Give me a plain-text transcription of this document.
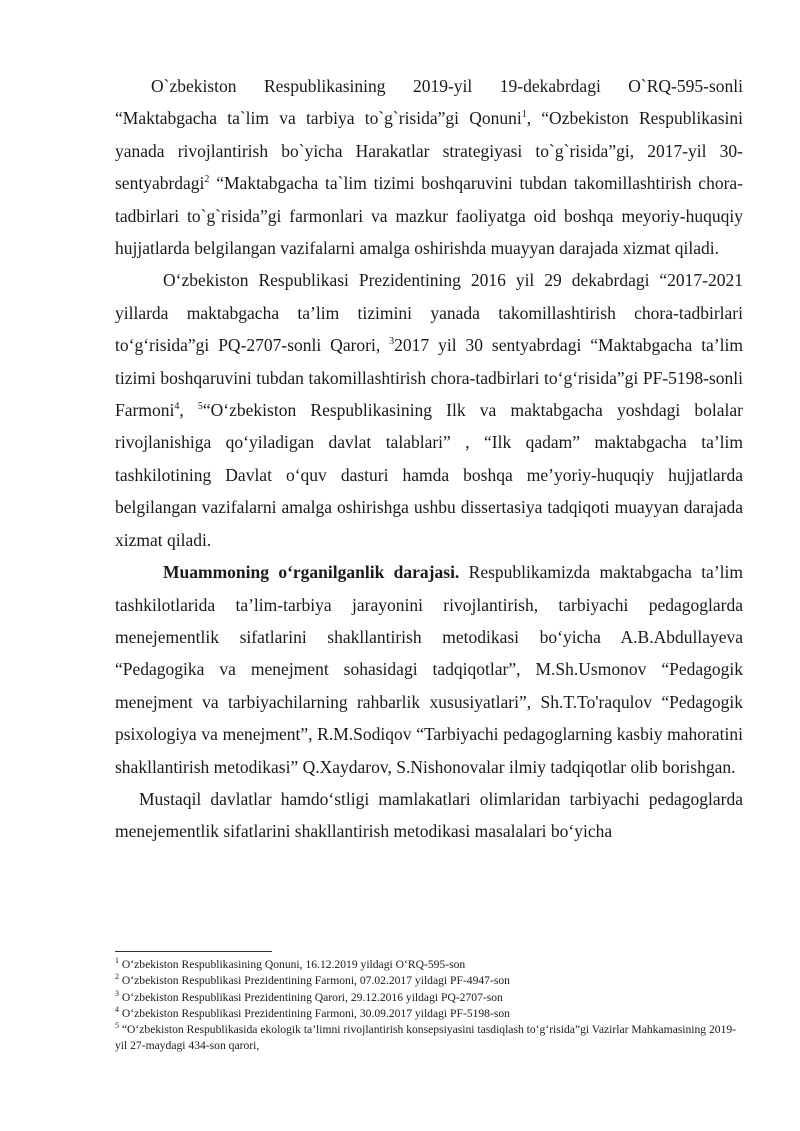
O`zbekiston Respublikasining 2019-yil 19-dekabrdagi O`RQ-595-sonli “Maktabgacha ta`lim va tarbiya to`g`risida”gi Qonuni$^1$, “Ozbekiston Respublikasini yanada rivojlantirish bo`yicha Harakatlar strategiyasi to`g`risida”gi, 2017-yil 30-sentyabrdagi$^2$ “Maktabgacha ta`lim tizimi boshqaruvini tubdan takomillashtirish chora-tadbirlari to`g`risida”gi farmonlari va mazkur faoliyatga oid boshqa meyoriy-huquqiy hujjatlarda belgilangan vazifalarni amalga oshirishda muayyan darajada xizmat qiladi.

O‘zbekiston Respublikasi Prezidentining 2016 yil 29 dekabrdagi “2017-2021 yillarda maktabgacha ta’lim tizimini yanada takomillashtirish chora-tadbirlari to‘g‘risida”gi PQ-2707-sonli Qarori, $^3$2017 yil 30 sentyabrdagi “Maktabgacha ta’lim tizimi boshqaruvini tubdan takomillashtirish chora-tadbirlari to‘g‘risida”gi PF-5198-sonli Farmoni$^4$, $^5$“O‘zbekiston Respublikasining Ilk va maktabgacha yoshdagi bolalar rivojlanishiga qo‘yiladigan davlat talablari” , “Ilk qadam” maktabgacha ta’lim tashkilotining Davlat o‘quv dasturi hamda boshqa me’yoriy-huquqiy hujjatlarda belgilangan vazifalarni amalga oshirishga ushbu dissertasiya tadqiqoti muayyan darajada xizmat qiladi.

Muammoning o‘rganilganlik darajasi. Respublikamizda maktabgacha ta’lim tashkilotlarida ta’lim-tarbiya jarayonini rivojlantirish, tarbiyachi pedagoglarda menejementlik sifatlarini shakllantirish metodikasi bo‘yicha A.B.Abdullayeva “Pedagogika va menejment sohasidagi tadqiqotlar”, M.Sh.Usmonov “Pedagogik menejment va tarbiyachilarning rahbarlik xususiyatlari”, Sh.T.To'raqulov “Pedagogik psixologiya va menejment”, R.M.Sodiqov “Tarbiyachi pedagoglarning kasbiy mahoratini shakllantirish metodikasi” Q.Xaydarov, S.Nishonovalar ilmiy tadqiqotlar olib borishgan.

Mustaqil davlatlar hamdo‘stligi mamlakatlari olimlaridan tarbiyachi pedagoglarda menejementlik sifatlarini shakllantirish metodikasi masalalari bo‘yicha

$^1$ O‘zbekiston Respublikasining Qonuni, 16.12.2019 yildagi O‘RQ-595-son

$^2$ O‘zbekiston Respublikasi Prezidentining Farmoni, 07.02.2017 yildagi PF-4947-son

$^3$ O‘zbekiston Respublikasi Prezidentining Qarori, 29.12.2016 yildagi PQ-2707-son

$^4$ O‘zbekiston Respublikasi Prezidentining Farmoni, 30.09.2017 yildagi PF-5198-son

$^5$ “O‘zbekiston Respublikasida ekologik ta’limni rivojlantirish konsepsiyasini tasdiqlash to‘g‘risida”gi Vazirlar Mahkamasining 2019-yil 27-maydagi 434-son qarori,
